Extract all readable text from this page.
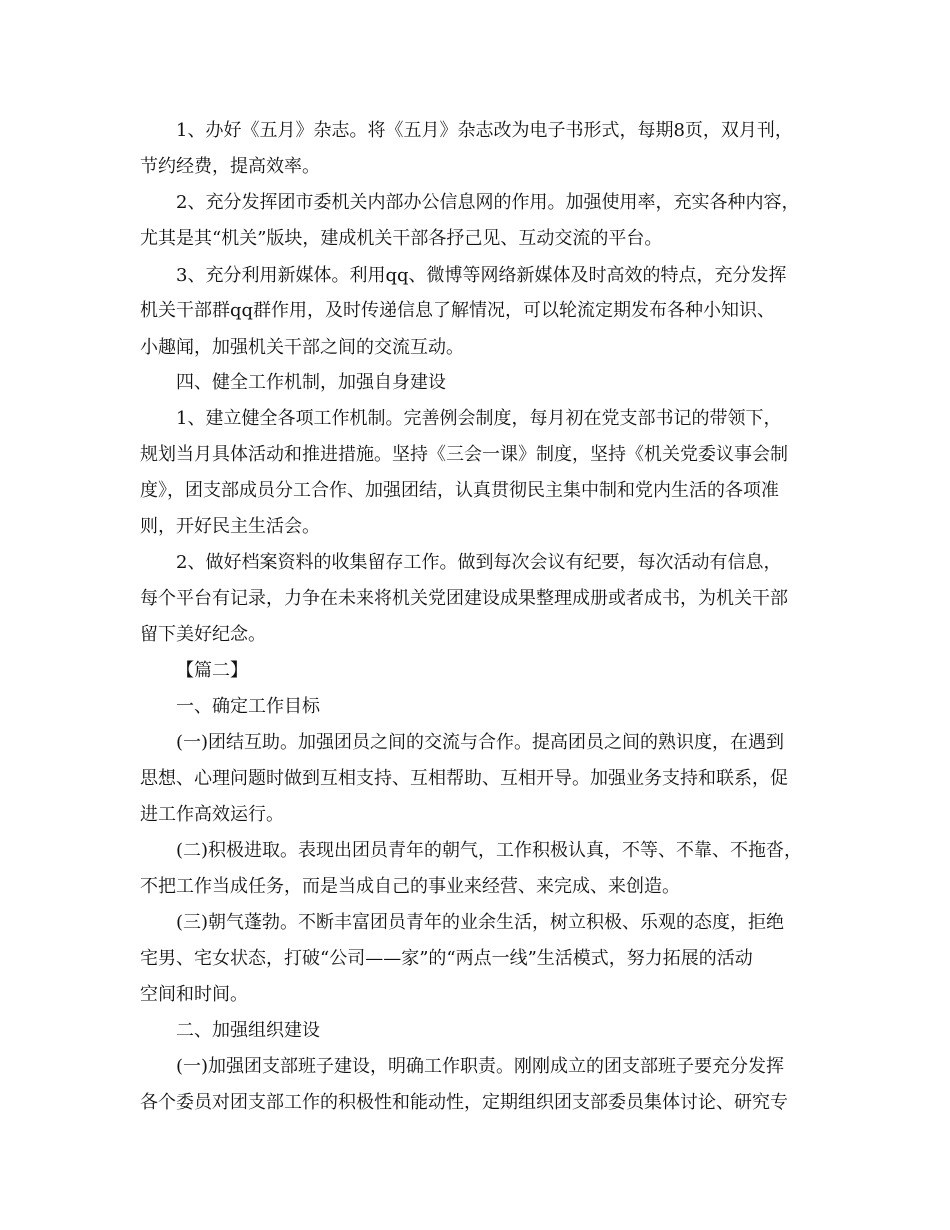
1、办好《五月》杂志。将《五月》杂志改为电子书形式，每期8页，双月刊，
节约经费，提高效率。
2、充分发挥团市委机关内部办公信息网的作用。加强使用率，充实各种内容，
尤其是其“机关”版块，建成机关干部各抒己见、互动交流的平台。
3、充分利用新媒体。利用qq、微博等网络新媒体及时高效的特点，充分发挥
机关干部群qq群作用，及时传递信息了解情况，可以轮流定期发布各种小知识、
小趣闻，加强机关干部之间的交流互动。
四、健全工作机制，加强自身建设
1、建立健全各项工作机制。完善例会制度，每月初在党支部书记的带领下，
规划当月具体活动和推进措施。坚持《三会一课》制度，坚持《机关党委议事会制
度》，团支部成员分工合作、加强团结，认真贯彻民主集中制和党内生活的各项准
则，开好民主生活会。
2、做好档案资料的收集留存工作。做到每次会议有纪要，每次活动有信息，
每个平台有记录，力争在未来将机关党团建设成果整理成册或者成书，为机关干部
留下美好纪念。
【篇二】
一、确定工作目标
(一)团结互助。加强团员之间的交流与合作。提高团员之间的熟识度，在遇到
思想、心理问题时做到互相支持、互相帮助、互相开导。加强业务支持和联系，促
进工作高效运行。
(二)积极进取。表现出团员青年的朝气，工作积极认真，不等、不靠、不拖沓，
不把工作当成任务，而是当成自己的事业来经营、来完成、来创造。
(三)朝气蓬勃。不断丰富团员青年的业余生活，树立积极、乐观的态度，拒绝
宅男、宅女状态，打破“公司——家”的“两点一线”生活模式，努力拓展的活动
空间和时间。
二、加强组织建设
(一)加强团支部班子建设，明确工作职责。刚刚成立的团支部班子要充分发挥
各个委员对团支部工作的积极性和能动性，定期组织团支部委员集体讨论、研究专
